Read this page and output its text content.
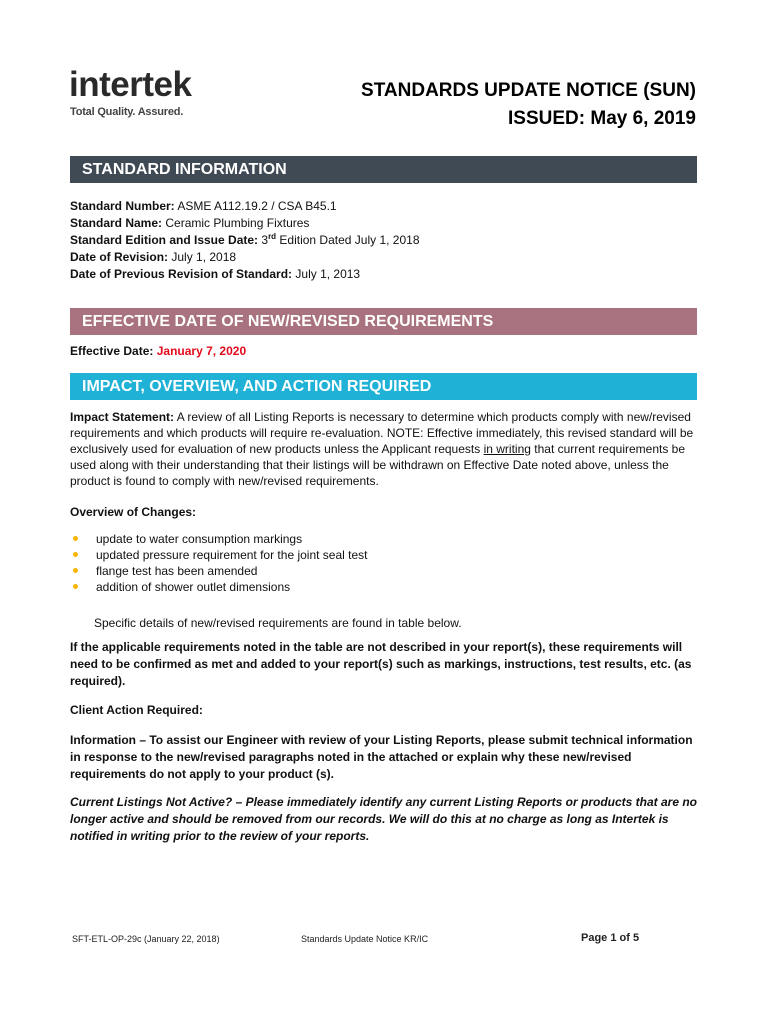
intertek
Total Quality. Assured.
STANDARDS UPDATE NOTICE (SUN)
ISSUED: May 6, 2019
STANDARD INFORMATION
Standard Number: ASME A112.19.2 / CSA B45.1
Standard Name: Ceramic Plumbing Fixtures
Standard Edition and Issue Date: 3rd Edition Dated July 1, 2018
Date of Revision: July 1, 2018
Date of Previous Revision of Standard: July 1, 2013
EFFECTIVE DATE OF NEW/REVISED REQUIREMENTS
Effective Date: January 7, 2020
IMPACT, OVERVIEW, AND ACTION REQUIRED
Impact Statement: A review of all Listing Reports is necessary to determine which products comply with new/revised requirements and which products will require re-evaluation. NOTE: Effective immediately, this revised standard will be exclusively used for evaluation of new products unless the Applicant requests in writing that current requirements be used along with their understanding that their listings will be withdrawn on Effective Date noted above, unless the product is found to comply with new/revised requirements.
Overview of Changes:
update to water consumption markings
updated pressure requirement for the joint seal test
flange test has been amended
addition of shower outlet dimensions
Specific details of new/revised requirements are found in table below.
If the applicable requirements noted in the table are not described in your report(s), these requirements will need to be confirmed as met and added to your report(s) such as markings, instructions, test results, etc. (as required).
Client Action Required:
Information – To assist our Engineer with review of your Listing Reports, please submit technical information in response to the new/revised paragraphs noted in the attached or explain why these new/revised requirements do not apply to your product (s).
Current Listings Not Active? – Please immediately identify any current Listing Reports or products that are no longer active and should be removed from our records. We will do this at no charge as long as Intertek is notified in writing prior to the review of your reports.
SFT-ETL-OP-29c (January 22, 2018)	Standards Update Notice KR/IC	Page 1 of 5
